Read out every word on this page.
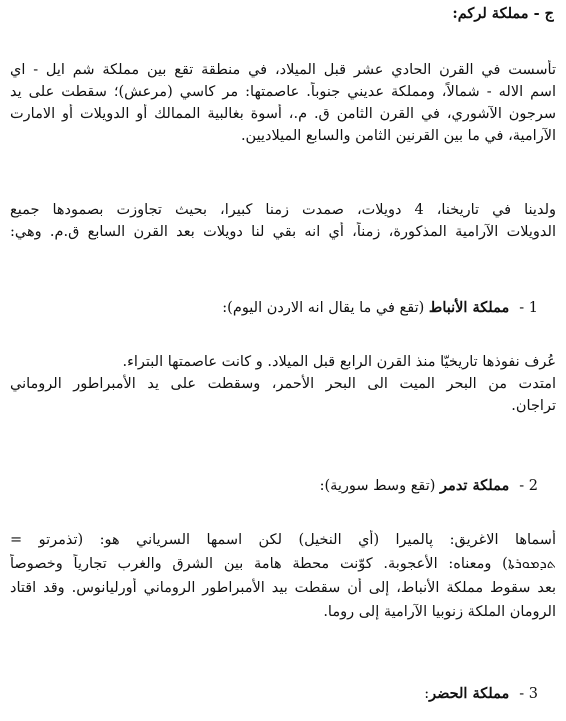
ج - مملكة لركم:
تأسست في القرن الحادي عشر قبل الميلاد، في منطقة تقع بين مملكة شم ايل - اي
اسم الاله - شمالاً، ومملكة عديني جنوباً. عاصمتها: مر كاسي (مرعش)؛ سقطت على يد
سرجون الآشوري، في القرن الثامن ق. م.، أسوة بغالبية الممالك أو الدويلات أو الامارت
الآرامية، في ما بين القرنين الثامن والسابع الميلاديين.
ولدينا في تاريخنا، 4 دويلات، صمدت زمنا كبيرا، بحيث تجاوزت بصمودها جميع
الدويلات الآرامية المذكورة، زمناً، أي انه بقي لنا دويلات بعد القرن السابع ق.م. وهي:
1 -مملكة الأنباط (تقع في ما يقال انه الاردن اليوم):
عُرف نفوذها تاريخيّا منذ القرن الرابع قبل الميلاد. و كانت عاصمتها البتراء.
امتدت من البحر الميت الى البحر الأحمر، وسقطت على يد الأمبراطور الروماني
تراجان.
2 -مملكة تدمر (تقع وسط سورية):
أسماها الاغريق: پالميرا (أي النخيل) لكن اسمها السرياني هو: (تذمرتو =
ܬܕܡܘܪܬܐ) ومعناه: الأعجوبة. كوّنت محطة هامة بين الشرق والغرب تجارياً وخصوصاً
بعد سقوط مملكة الأنباط، إلى أن سقطت بيد الأمبراطور الروماني أورليانوس. وقد اقتاد
الرومان الملكة زنوبيا الآرامية إلى روما.
3 -مملكة الحضر:
